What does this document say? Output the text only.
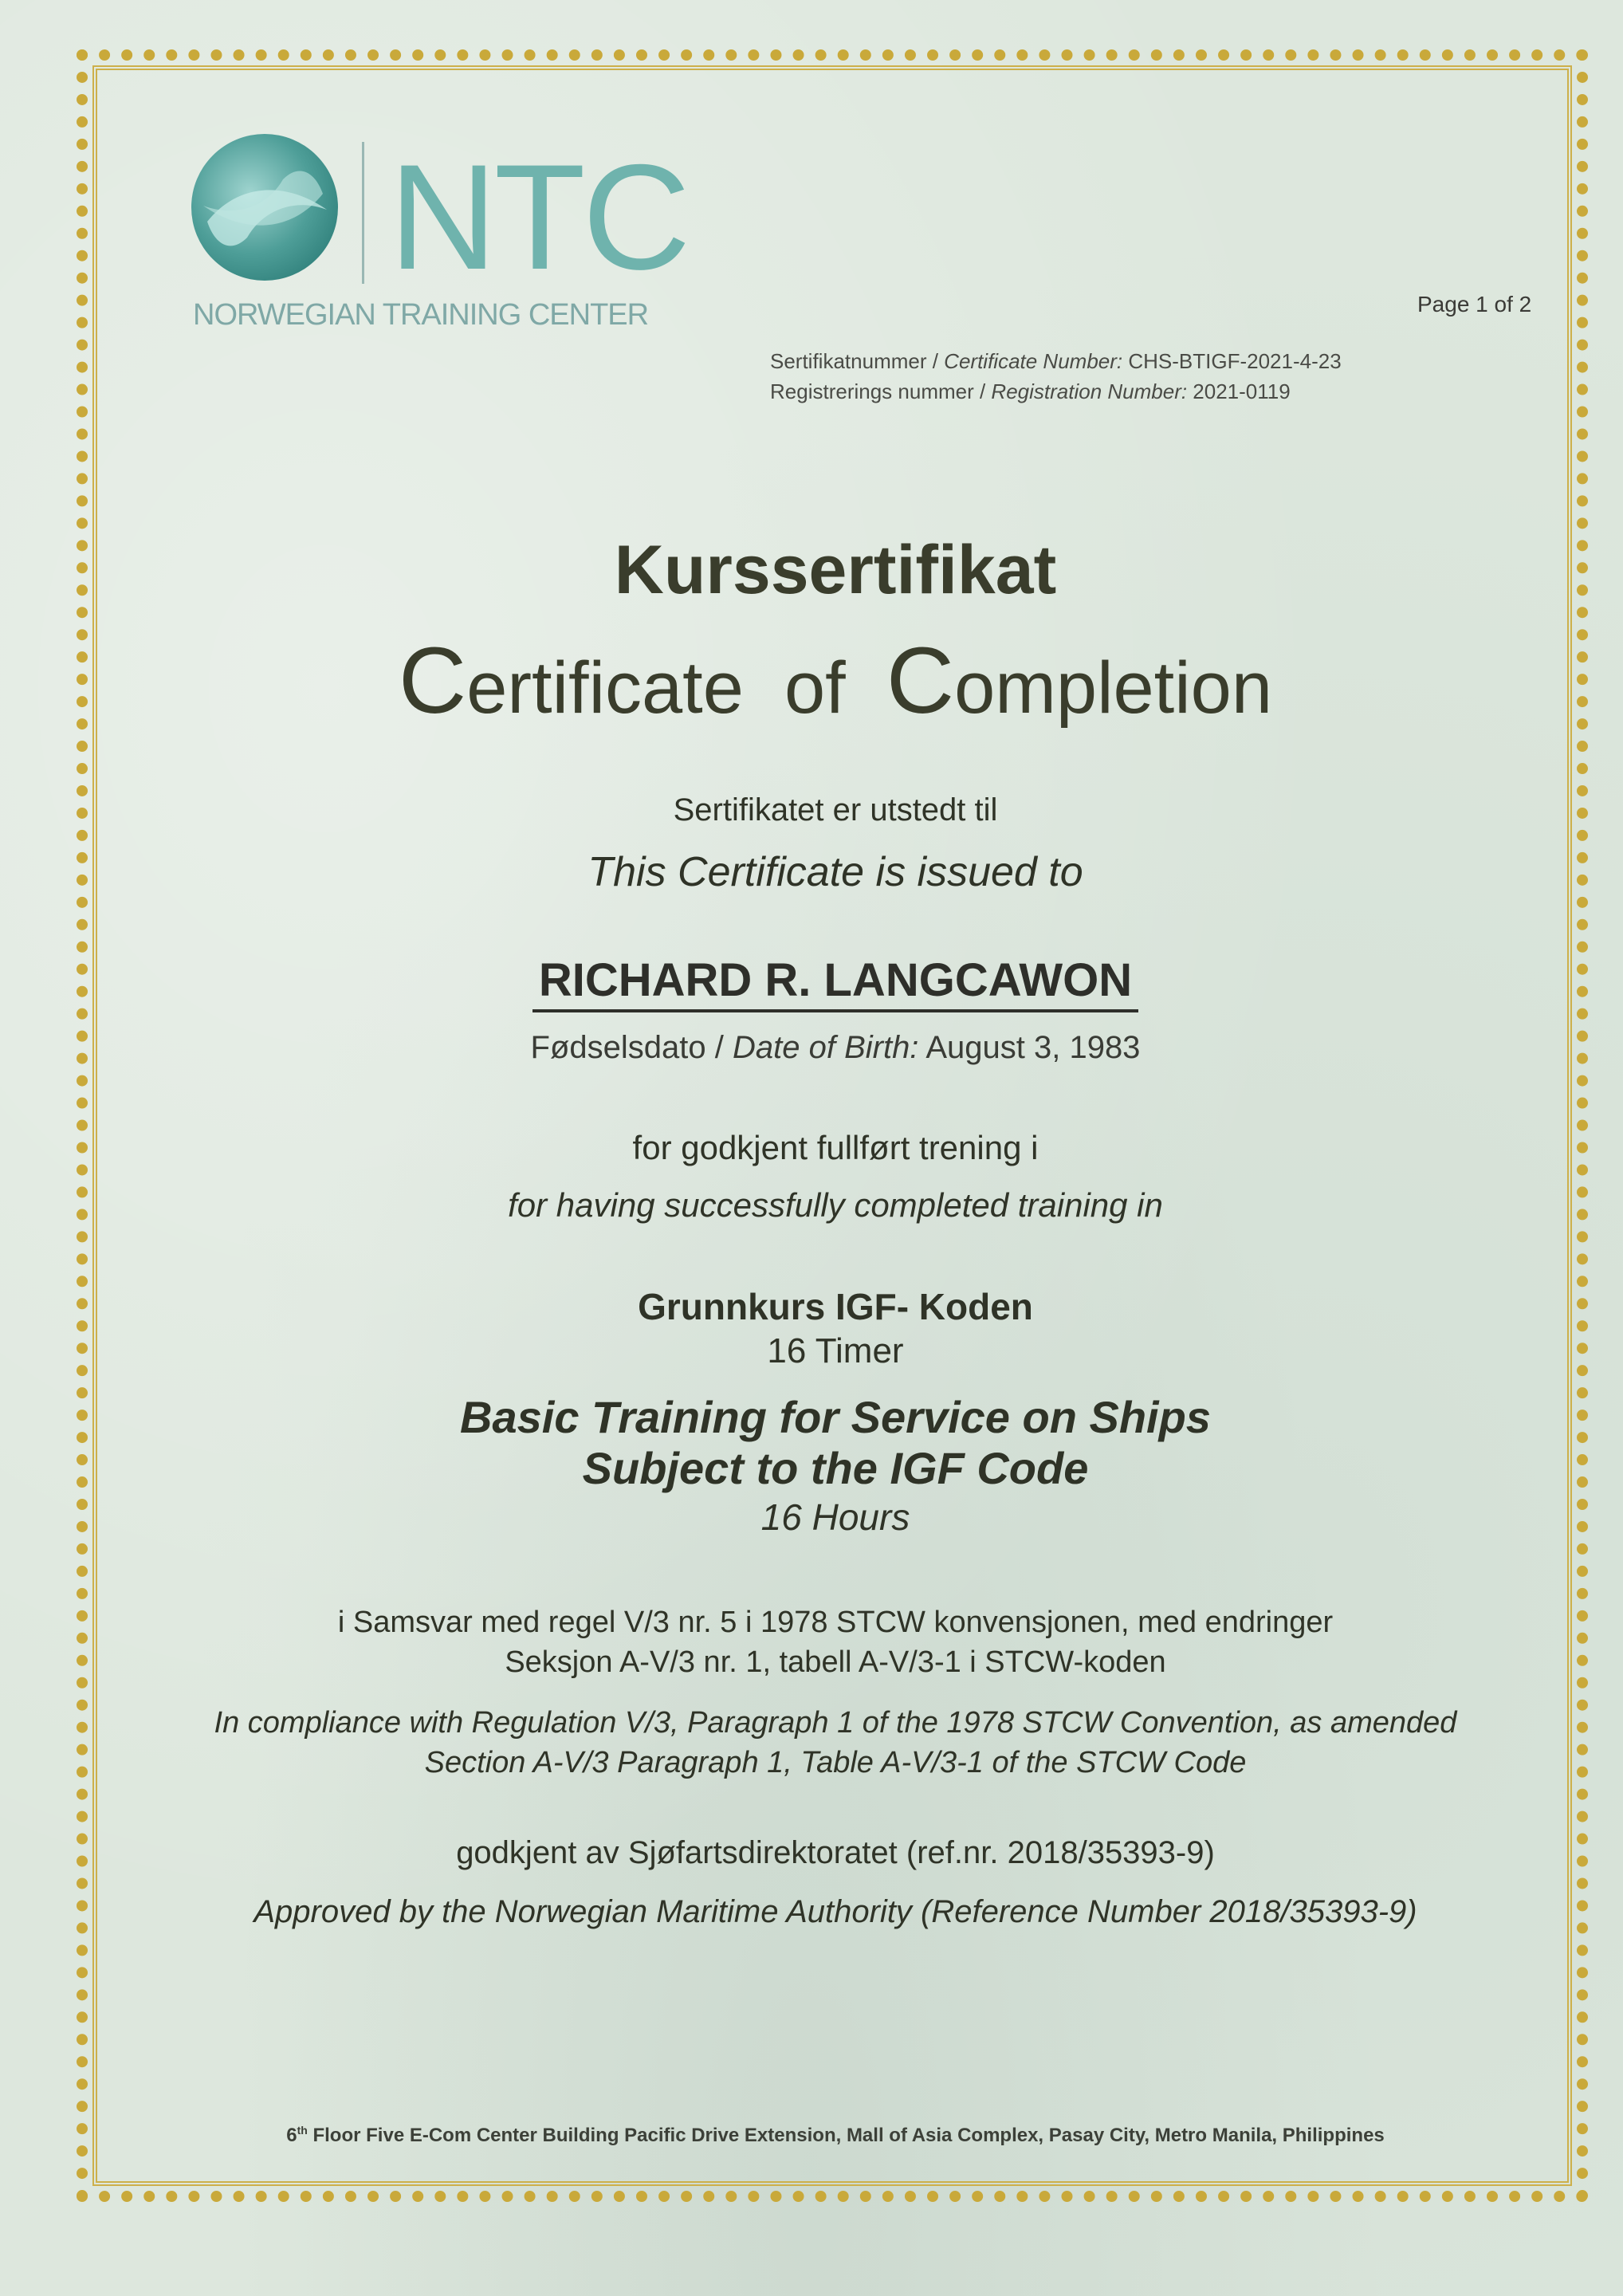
NTC
NORWEGIAN TRAINING CENTER	Page 1 of 2
Sertifikatnummer / Certificate Number: CHS-BTIGF-2021-4-23
Registrerings nummer / Registration Number: 2021-0119
Kurssertifikat
Certificate  of  Completion
Sertifikatet er utstedt til
This Certificate is issued to
RICHARD R. LANGCAWON
Fødselsdato / Date of Birth: August 3, 1983
for godkjent fullført trening i
for having successfully completed training in
Grunnkurs IGF- Koden
16 Timer
Basic Training for Service on Ships
Subject to the IGF Code
16 Hours
i Samsvar med regel V/3 nr. 5 i 1978 STCW konvensjonen, med endringer
Seksjon A-V/3 nr. 1, tabell A-V/3-1 i STCW-koden
In compliance with Regulation V/3, Paragraph 1 of the 1978 STCW Convention, as amended
Section A-V/3 Paragraph 1, Table A-V/3-1 of the STCW Code
godkjent av Sjøfartsdirektoratet (ref.nr. 2018/35393-9)
Approved by the Norwegian Maritime Authority (Reference Number 2018/35393-9)
6th Floor Five E-Com Center Building Pacific Drive Extension, Mall of Asia Complex, Pasay City, Metro Manila, Philippines
